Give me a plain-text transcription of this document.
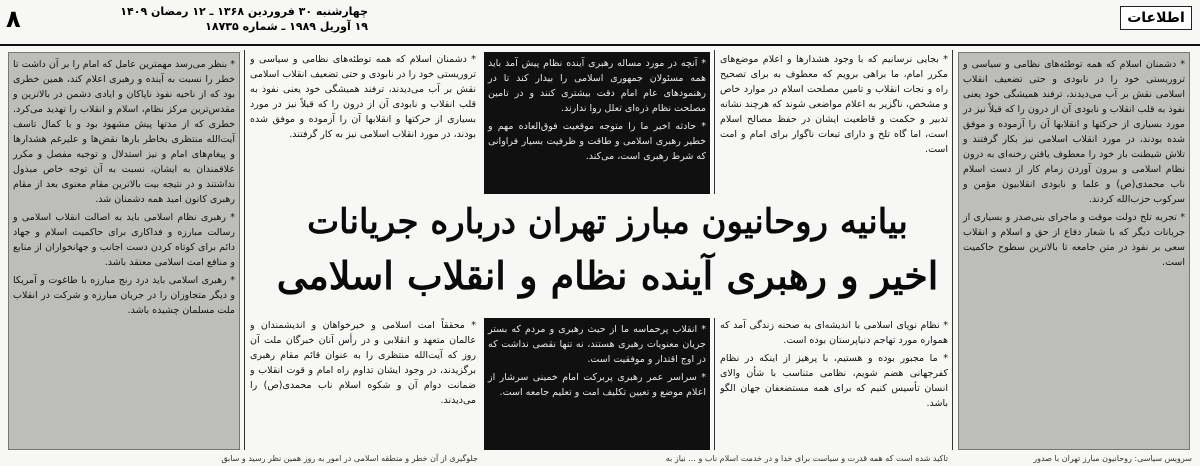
اطلاعات
چهارشنبه ۳۰ فروردین ۱۳۶۸ ـ ۱۲ رمضان ۱۴۰۹
۱۹ آوریل ۱۹۸۹ ـ شماره ۱۸۷۳۵
۸

* دشمنان اسلام که همه توطئه‌های نظامی و سیاسی و تروریستی خود را در نابودی و حتی تضعیف انقلاب اسلامی نقش بر آب می‌دیدند، ترفند همیشگی خود یعنی نفوذ به قلب انقلاب و نابودی آن از درون را که قبلاً نیز در مورد بسیاری از حرکتها و انقلابها آن را آزموده و موفق شده بودند، در مورد انقلاب اسلامی نیز بکار گرفتند و تلاش شیطنت بار خود را معطوف یافتن رخنه‌ای به درون نظام اسلامی و بیرون آوردن زمام کار از دست اسلام ناب محمدی(ص) و علما و نابودی انقلابیون مؤمن و سرکوب حزب‌الله کردند.

* تجربه تلخ دولت موقت و ماجرای بنی‌صدر و بسیاری از جریانات دیگر که با شعار دفاع از حق و اسلام و انقلاب سعی بر نفوذ در متن جامعه تا بالاترین سطوح حاکمیت است.

* بجایی نرسانیم که با وجود هشدارها و اعلام موضع‌های مکرر امام، ما براهی برویم که معطوف به برای تصحیح راه و نجات انقلاب و تامین مصلحت اسلام در موارد خاص و مشخص، ناگزیر به اعلام مواضعی شوند که هرچند نشانه تدبیر و حکمت و قاطعیت ایشان در حفظ مصالح اسلام است، اما گاه تلخ و دارای تبعات ناگوار برای امام و امت است.

* آنچه در مورد مساله رهبری آینده نظام پیش آمد باید همه مسئولان جمهوری اسلامی را بیدار کند تا در رهنمودهای عام امام دقت بیشتری کنند و در تامین مصلحت نظام ذره‌ای تعلل روا ندارند.

* حادثه اخیر ما را متوجه موقعیت فوق‌العاده مهم و خطیر رهبری اسلامی و طاقت و ظرفیت بسیار فراوانی که شرط رهبری است، می‌کند.

* دشمنان اسلام که همه توطئه‌های نظامی و سیاسی و تروریستی خود را در نابودی و حتی تضعیف انقلاب اسلامی نقش بر آب می‌دیدند، ترفند همیشگی خود یعنی نفوذ به قلب انقلاب و نابودی آن از درون را که قبلاً نیز در مورد بسیاری از حرکتها و انقلابها آن را آزموده و موفق شده بودند، در مورد انقلاب اسلامی نیز به کار گرفتند.

* بنظر می‌رسد مهمترین عامل که امام را بر آن داشت تا خطر را نسبت به آینده و رهبری اعلام کند، همین خطری بود که از ناحیه نفوذ ناپاکان و ایادی دشمن در بالاترین و مقدس‌ترین مرکز نظام، اسلام و انقلاب را تهدید می‌کرد. خطری که از مدتها پیش مشهود بود و با کمال تاسف آیت‌الله منتظری بخاطر بارها نقض‌ها و علیرغم هشدارها و پیغام‌های امام و نیز استدلال و توجیه مفصل و مکرر علاقمندان به ایشان، نسبت به آن توجه خاص مبذول نداشتند و در نتیجه بیت بالاترین مقام معنوی بعد از مقام رهبری کانون امید همه دشمنان شد.

* رهبری نظام اسلامی باید به اصالت انقلاب اسلامی و رسالت مبارزه و فداکاری برای حاکمیت اسلام و جهاد دائم برای کوتاه کردن دست اجانب و جهانخواران از منابع و منافع امت اسلامی معتقد باشد.

* رهبری اسلامی باید درد رنج مبارزه با طاغوت و آمریکا و دیگر متجاوزان را در جریان مبارزه و شرکت در انقلاب ملت مسلمان چشیده باشد.

بیانیه روحانیون مبارز تهران درباره جریانات
اخیر و رهبری آینده نظام و انقلاب اسلامی

* نظام نوپای اسلامی با اندیشه‌ای به صحنه زندگی آمد که همواره مورد تهاجم دنیاپرستان بوده است.

* ما مجبور بوده و هستیم، با پرهیز از اینکه در نظام کفرجهانی هضم شویم، نظامی متناسب با شأن والای انسان تأسیس کنیم که برای همه مستضعفان جهان الگو باشد.

* انقلاب پرحماسه ما از حیث رهبری و مردم که بستر جریان معنویات رهبری هستند، نه تنها نقصی نداشت که در اوج اقتدار و موفقیت است.

* سراسر عمر رهبری پربرکت امام خمینی سرشار از اعلام موضع و تعیین تکلیف امت و تعلیم جامعه است.

* محققاً امت اسلامی و خیرخواهان و اندیشمندان و عالمان متعهد و انقلابی و در رأس آنان خبرگان ملت آن روز که آیت‌الله منتظری را به عنوان قائم مقام رهبری برگزیدند، در وجود ایشان تداوم راه امام و قوت انقلاب و ضمانت دوام آن و شکوه اسلام ناب محمدی(ص) را می‌دیدند.

سرویس سیاسی: روحانیون مبارز تهران با صدور
تاکید شده است که همه قدرت و سیاست برای خدا و در خدمت اسلام ناب و ... نیاز به
جلوگیری از آن خطر و منطقه اسلامی در امور به روز همین نظر رسید و سابق
